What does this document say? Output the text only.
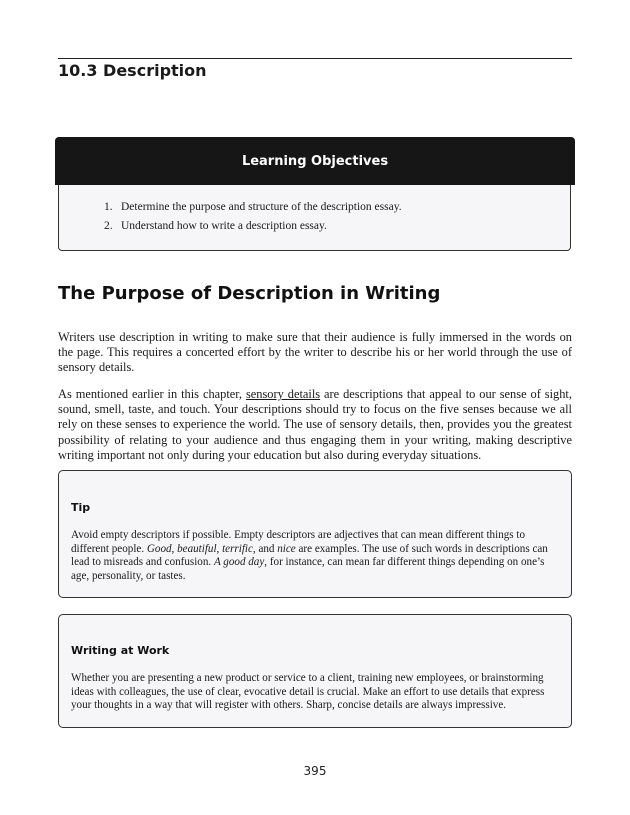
10.3 Description
Learning Objectives
1. Determine the purpose and structure of the description essay.
2. Understand how to write a description essay.
The Purpose of Description in Writing

Writers use description in writing to make sure that their audience is fully immersed in the words on the page. This requires a concerted effort by the writer to describe his or her world through the use of sensory details.

As mentioned earlier in this chapter, sensory details are descriptions that appeal to our sense of sight, sound, smell, taste, and touch. Your descriptions should try to focus on the five senses because we all rely on these senses to experience the world. The use of sensory details, then, provides you the greatest possibility of relating to your audience and thus engaging them in your writing, making descriptive writing important not only during your education but also during everyday situations.

Tip

Avoid empty descriptors if possible. Empty descriptors are adjectives that can mean different things to different people. Good, beautiful, terrific, and nice are examples. The use of such words in descriptions can lead to misreads and confusion. A good day, for instance, can mean far different things depending on one’s age, personality, or tastes.

Writing at Work

Whether you are presenting a new product or service to a client, training new employees, or brainstorming ideas with colleagues, the use of clear, evocative detail is crucial. Make an effort to use details that express your thoughts in a way that will register with others. Sharp, concise details are always impressive.

395
